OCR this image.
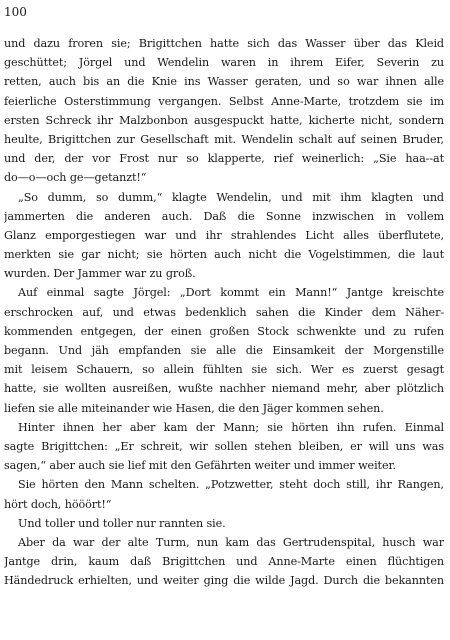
100
und dazu froren sie; Brigittchen hatte sich das Wasser über das Kleid
geschüttet; Jörgel und Wendelin waren in ihrem Eifer, Severin zu
retten, auch bis an die Knie ins Wasser geraten, und so war ihnen alle
feierliche Osterstimmung vergangen. Selbst Anne-Marte, trotzdem sie im
ersten Schreck ihr Malzbonbon ausgespuckt hatte, kicherte nicht, sondern
heulte, Brigittchen zur Gesellschaft mit. Wendelin schalt auf seinen Bruder,
und der, der vor Frost nur so klapperte, rief weinerlich: „Sie haa--at
do—o—och ge—getanzt!“
„So dumm, so dumm,“ klagte Wendelin, und mit ihm klagten und
jammerten die anderen auch. Daß die Sonne inzwischen in vollem
Glanz emporgestiegen war und ihr strahlendes Licht alles überflutete,
merkten sie gar nicht; sie hörten auch nicht die Vogelstimmen, die laut
wurden. Der Jammer war zu groß.
Auf einmal sagte Jörgel: „Dort kommt ein Mann!“ Jantge kreischte
erschrocken auf, und etwas bedenklich sahen die Kinder dem Näher-
kommenden entgegen, der einen großen Stock schwenkte und zu rufen
begann. Und jäh empfanden sie alle die Einsamkeit der Morgenstille
mit leisem Schauern, so allein fühlten sie sich. Wer es zuerst gesagt
hatte, sie wollten ausreißen, wußte nachher niemand mehr, aber plötzlich
liefen sie alle miteinander wie Hasen, die den Jäger kommen sehen.
Hinter ihnen her aber kam der Mann; sie hörten ihn rufen. Einmal
sagte Brigittchen: „Er schreit, wir sollen stehen bleiben, er will uns was
sagen,“ aber auch sie lief mit den Gefährten weiter und immer weiter.
Sie hörten den Mann schelten. „Potzwetter, steht doch still, ihr Rangen,
hört doch, hööört!“
Und toller und toller nur rannten sie.
Aber da war der alte Turm, nun kam das Gertrudenspital, husch war
Jantge drin, kaum daß Brigittchen und Anne-Marte einen flüchtigen
Händedruck erhielten, und weiter ging die wilde Jagd. Durch die bekannten
